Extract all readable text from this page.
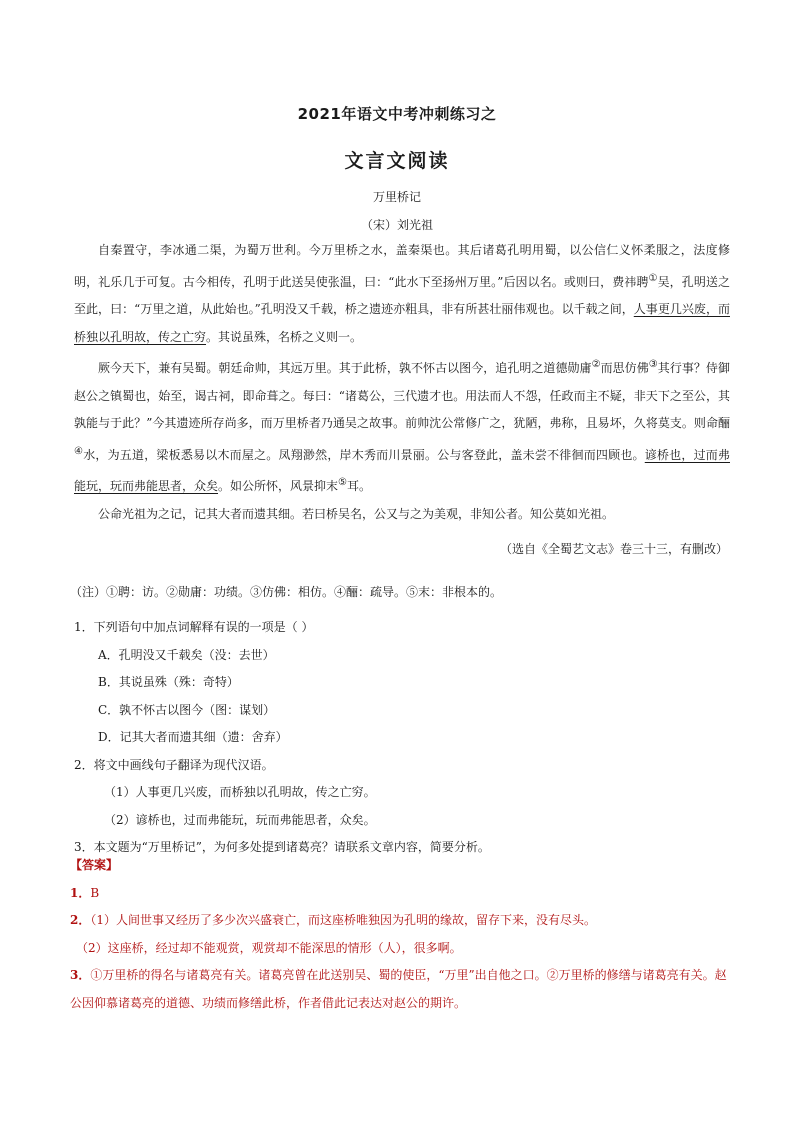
2021年语文中考冲刺练习之
文言文阅读
万里桥记
（宋）刘光祖

自秦置守，李冰通二渠，为蜀万世利。今万里桥之水，盖秦渠也。其后诸葛孔明用蜀，以公信仁义怀柔服之，法度修明，礼乐几于可复。古今相传，孔明于此送吴使张温，曰：“此水下至扬州万里。”后因以名。或则曰，费祎聘①吴，孔明送之至此，曰：“万里之道，从此始也。”孔明没又千载，桥之遗迹亦粗具，非有所甚壮丽伟观也。以千载之间，人事更几兴废，而桥独以孔明故，传之亡穷。其说虽殊，名桥之义则一。

厥今天下，兼有吴蜀。朝廷命帅，其远万里。其于此桥，孰不怀古以图今，追孔明之道德勋庸②而思仿佛③其行事？侍御赵公之镇蜀也，始至，谒古祠，即命葺之。每曰：“诸葛公，三代遗才也。用法而人不怨，任政而主不疑，非天下之至公，其孰能与于此？”今其遗迹所存尚多，而万里桥者乃通吴之故事。前帅沈公常修广之，犹陋，弗称，且易坏，久将莫支。则命酾④水，为五道，梁板悉易以木而屋之。凤翔渺然，岸木秀而川景丽。公与客登此，盖未尝不徘徊而四顾也。谚桥也，过而弗能玩，玩而弗能思者，众矣。如公所怀，风景抑末⑤耳。

公命光祖为之记，记其大者而遗其细。若曰桥吴名，公又与之为美观，非知公者。知公莫如光祖。

（选自《全蜀艺文志》卷三十三，有删改）
（注）①聘：访。②勋庸：功绩。③仿佛：相仿。④酾：疏导。⑤末：非根本的。

1．下列语句中加点词解释有误的一项是（ ）

A．孔明没又千载矣（没：去世）

B．其说虽殊（殊：奇特）

C．孰不怀古以图今（图：谋划）

D．记其大者而遗其细（遗：舍弃）

2．将文中画线句子翻译为现代汉语。

（1）人事更几兴废，而桥独以孔明故，传之亡穷。

（2）谚桥也，过而弗能玩，玩而弗能思者，众矣。

3．本文题为“万里桥记”，为何多处提到诸葛亮？请联系文章内容，简要分析。

【答案】

1．B

2．（1）人间世事又经历了多少次兴盛衰亡，而这座桥唯独因为孔明的缘故，留存下来，没有尽头。

（2）这座桥，经过却不能观赏，观赏却不能深思的情形（人），很多啊。

3．①万里桥的得名与诸葛亮有关。诸葛亮曾在此送别吴、蜀的使臣，“万里”出自他之口。②万里桥的修缮与诸葛亮有关。赵公因仰慕诸葛亮的道德、功绩而修缮此桥，作者借此记表达对赵公的期许。
